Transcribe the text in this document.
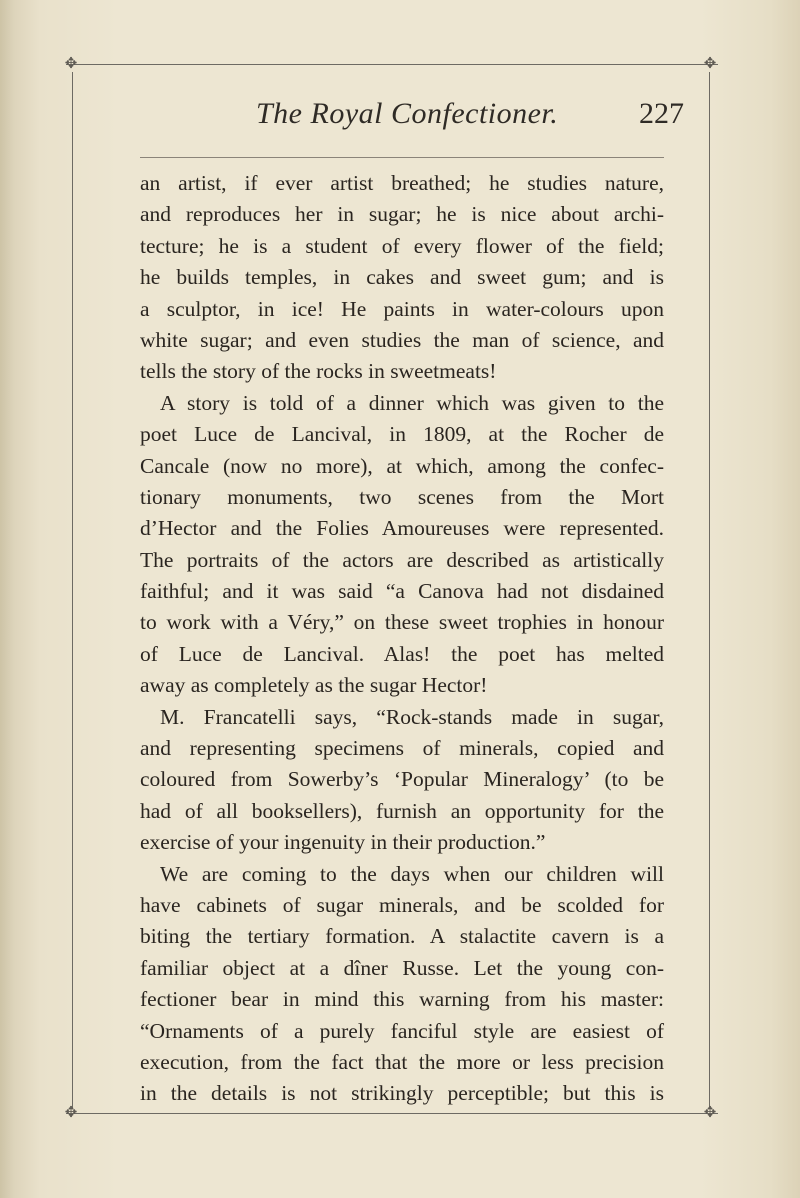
✥	✥
✥	✥
The Royal Confectioner.	227
an artist, if ever artist breathed; he studies nature,
and reproduces her in sugar; he is nice about archi-
tecture; he is a student of every flower of the field;
he builds temples, in cakes and sweet gum; and is
a sculptor, in ice! He paints in water-colours upon
white sugar; and even studies the man of science, and
tells the story of the rocks in sweetmeats!
A story is told of a dinner which was given to the
poet Luce de Lancival, in 1809, at the Rocher de
Cancale (now no more), at which, among the confec-
tionary monuments, two scenes from the Mort
d’Hector and the Folies Amoureuses were represented.
The portraits of the actors are described as artistically
faithful; and it was said “a Canova had not disdained
to work with a Véry,” on these sweet trophies in honour
of Luce de Lancival. Alas! the poet has melted
away as completely as the sugar Hector!
M. Francatelli says, “Rock-stands made in sugar,
and representing specimens of minerals, copied and
coloured from Sowerby’s ‘Popular Mineralogy’ (to be
had of all booksellers), furnish an opportunity for the
exercise of your ingenuity in their production.”
We are coming to the days when our children will
have cabinets of sugar minerals, and be scolded for
biting the tertiary formation. A stalactite cavern is a
familiar object at a dîner Russe. Let the young con-
fectioner bear in mind this warning from his master:
“Ornaments of a purely fanciful style are easiest of
execution, from the fact that the more or less precision
in the details is not strikingly perceptible; but this is
